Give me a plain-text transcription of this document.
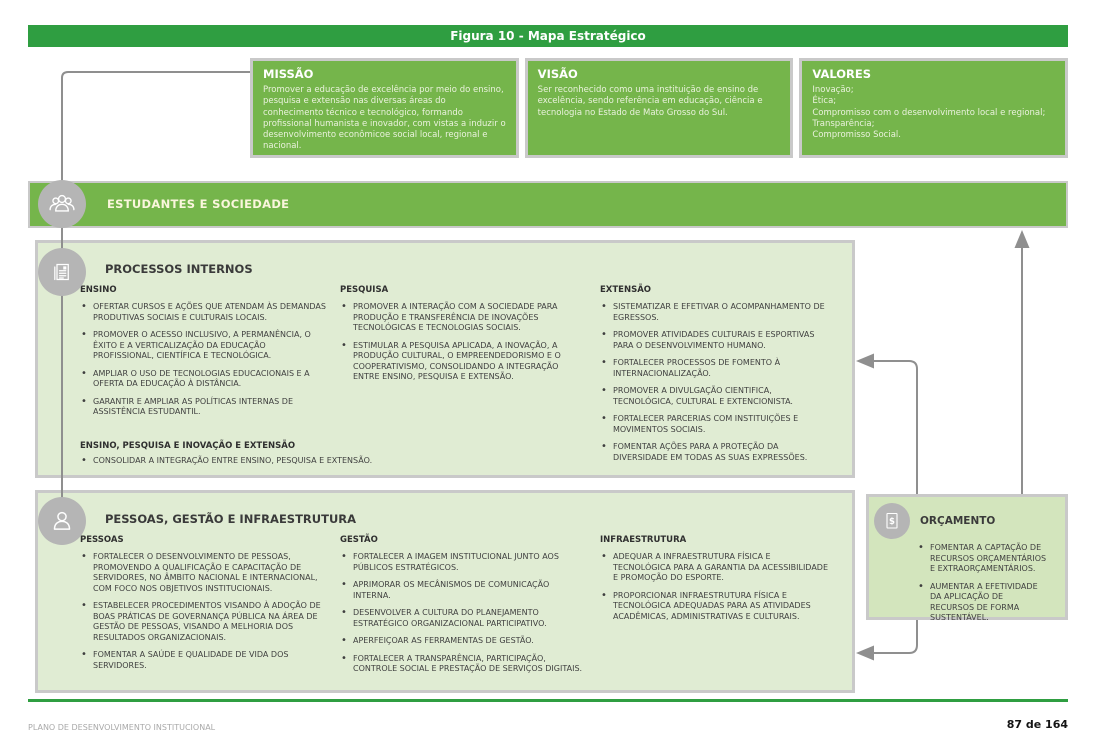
Figura 10 - Mapa Estratégico
MISSÃO
Promover a educação de excelência por meio do ensino, pesquisa e extensão nas diversas áreas do conhecimento técnico e tecnológico, formando profissional humanista e inovador, com vistas a induzir o desenvolvimento econômicoe social local, regional e nacional.
VISÃO
Ser reconhecido como uma instituição de ensino de excelência, sendo referência em educação, ciência e tecnologia no Estado de Mato Grosso do Sul.
VALORES
Inovação;
Ética;
Compromisso com o desenvolvimento local e regional;
Transparência;
Compromisso Social.
ESTUDANTES E SOCIEDADE
PROCESSOS INTERNOS
ENSINO
• OFERTAR CURSOS E AÇÕES QUE ATENDAM ÀS DEMANDAS PRODUTIVAS SOCIAIS E CULTURAIS LOCAIS.
• PROMOVER O ACESSO INCLUSIVO, A PERMANÊNCIA, O ÊXITO E A VERTICALIZAÇÃO DA EDUCAÇÃO PROFISSIONAL, CIENTÍFICA E TECNOLÓGICA.
• AMPLIAR O USO DE TECNOLOGIAS EDUCACIONAIS E A OFERTA DA EDUCAÇÃO À DISTÂNCIA.
• GARANTIR E AMPLIAR AS POLÍTICAS INTERNAS DE ASSISTÊNCIA ESTUDANTIL.
PESQUISA
• PROMOVER A INTERAÇÃO COM A SOCIEDADE PARA PRODUÇÃO E TRANSFERÊNCIA DE INOVAÇÕES TECNOLÓGICAS E TECNOLOGIAS SOCIAIS.
• ESTIMULAR A PESQUISA APLICADA, A INOVAÇÃO, A PRODUÇÃO CULTURAL, O EMPREENDEDORISMO E O COOPERATIVISMO, CONSOLIDANDO A INTEGRAÇÃO ENTRE ENSINO, PESQUISA E EXTENSÃO.
EXTENSÃO
• SISTEMATIZAR E EFETIVAR O ACOMPANHAMENTO DE EGRESSOS.
• PROMOVER ATIVIDADES CULTURAIS E ESPORTIVAS PARA O DESENVOLVIMENTO HUMANO.
• FORTALECER PROCESSOS DE FOMENTO À INTERNACIONALIZAÇÃO.
• PROMOVER A DIVULGAÇÃO CIENTIFICA, TECNOLÓGICA, CULTURAL E EXTENCIONISTA.
• FORTALECER PARCERIAS COM INSTITUIÇÕES E MOVIMENTOS SOCIAIS.
• FOMENTAR AÇÕES PARA A PROTEÇÃO DA DIVERSIDADE EM TODAS AS SUAS EXPRESSÕES.
ENSINO, PESQUISA E INOVAÇÃO E EXTENSÃO
• CONSOLIDAR A INTEGRAÇÃO ENTRE ENSINO, PESQUISA E EXTENSÃO.
PESSOAS, GESTÃO E INFRAESTRUTURA
PESSOAS
• FORTALECER O DESENVOLVIMENTO DE PESSOAS, PROMOVENDO A QUALIFICAÇÃO E CAPACITAÇÃO DE SERVIDORES, NO ÂMBITO NACIONAL E INTERNACIONAL, COM FOCO NOS OBJETIVOS INSTITUCIONAIS.
• ESTABELECER PROCEDIMENTOS VISANDO À ADOÇÃO DE BOAS PRÁTICAS DE GOVERNANÇA PÚBLICA NA ÁREA DE GESTÃO DE PESSOAS, VISANDO A MELHORIA DOS RESULTADOS ORGANIZACIONAIS.
• FOMENTAR A SAÚDE E QUALIDADE DE VIDA DOS SERVIDORES.
GESTÃO
• FORTALECER A IMAGEM INSTITUCIONAL JUNTO AOS PÚBLICOS ESTRATÉGICOS.
• APRIMORAR OS MECÂNISMOS DE COMUNICAÇÃO INTERNA.
• DESENVOLVER A CULTURA DO PLANEJAMENTO ESTRATÉGICO ORGANIZACIONAL PARTICIPATIVO.
• APERFEIÇOAR AS FERRAMENTAS DE GESTÃO.
• FORTALECER A TRANSPARÊNCIA, PARTICIPAÇÃO, CONTROLE SOCIAL E PRESTAÇÃO DE SERVIÇOS DIGITAIS.
INFRAESTRUTURA
• ADEQUAR A INFRAESTRUTURA FÍSICA E TECNOLÓGICA PARA A GARANTIA DA ACESSIBILIDADE E PROMOÇÃO DO ESPORTE.
• PROPORCIONAR INFRAESTRUTURA FÍSICA E TECNOLÓGICA ADEQUADAS PARA AS ATIVIDADES ACADÊMICAS, ADMINISTRATIVAS E CULTURAIS.
ORÇAMENTO
• FOMENTAR A CAPTAÇÃO DE RECURSOS ORÇAMENTÁRIOS E EXTRAORÇAMENTÁRIOS.
• AUMENTAR A EFETIVIDADE DA APLICAÇÃO DE RECURSOS DE FORMA SUSTENTÁVEL.
$
PLANO DE DESENVOLVIMENTO INSTITUCIONAL	87 de 164
